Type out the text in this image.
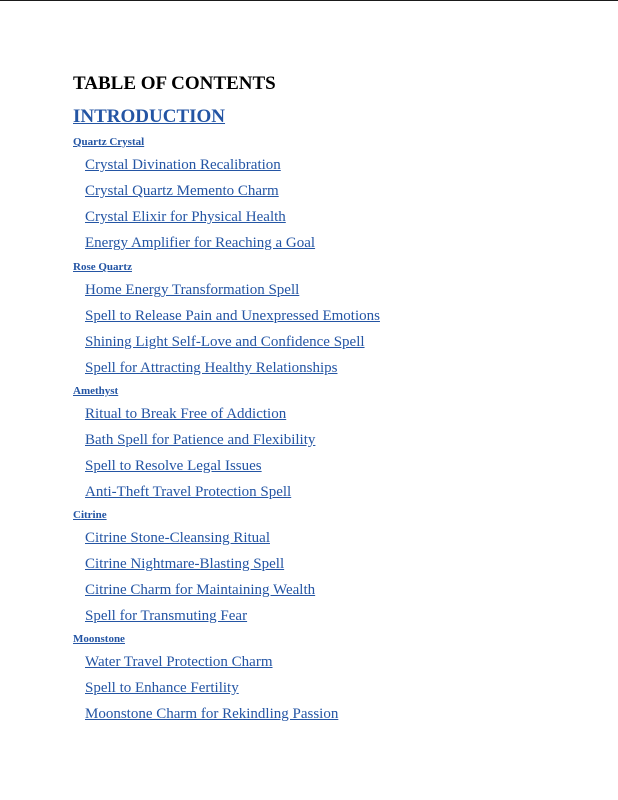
TABLE OF CONTENTS
INTRODUCTION
Quartz Crystal
Crystal Divination Recalibration
Crystal Quartz Memento Charm
Crystal Elixir for Physical Health
Energy Amplifier for Reaching a Goal
Rose Quartz
Home Energy Transformation Spell
Spell to Release Pain and Unexpressed Emotions
Shining Light Self-Love and Confidence Spell
Spell for Attracting Healthy Relationships
Amethyst
Ritual to Break Free of Addiction
Bath Spell for Patience and Flexibility
Spell to Resolve Legal Issues
Anti-Theft Travel Protection Spell
Citrine
Citrine Stone-Cleansing Ritual
Citrine Nightmare-Blasting Spell
Citrine Charm for Maintaining Wealth
Spell for Transmuting Fear
Moonstone
Water Travel Protection Charm
Spell to Enhance Fertility
Moonstone Charm for Rekindling Passion
